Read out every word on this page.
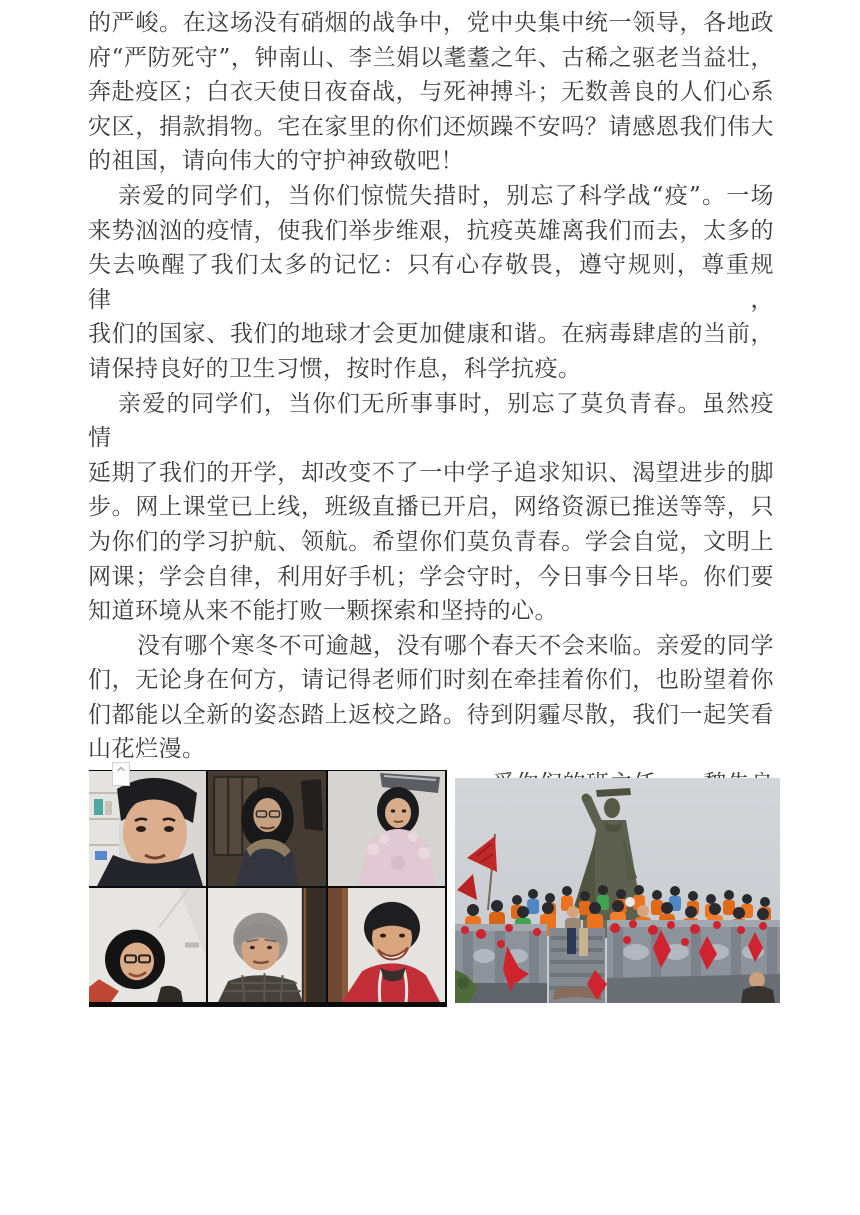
的严峻。在这场没有硝烟的战争中，党中央集中统一领导，各地政
府“严防死守”，钟南山、李兰娟以耄耋之年、古稀之驱老当益壮，
奔赴疫区；白衣天使日夜奋战，与死神搏斗；无数善良的人们心系
灾区，捐款捐物。宅在家里的你们还烦躁不安吗？请感恩我们伟大
的祖国，请向伟大的守护神致敬吧！
亲爱的同学们，当你们惊慌失措时，别忘了科学战“疫”。一场
来势汹汹的疫情，使我们举步维艰，抗疫英雄离我们而去，太多的
失去唤醒了我们太多的记忆：只有心存敬畏，遵守规则，尊重规律，
我们的国家、我们的地球才会更加健康和谐。在病毒肆虐的当前，
请保持良好的卫生习惯，按时作息，科学抗疫。
亲爱的同学们，当你们无所事事时，别忘了莫负青春。虽然疫情
延期了我们的开学，却改变不了一中学子追求知识、渴望进步的脚
步。网上课堂已上线，班级直播已开启，网络资源已推送等等，只
为你们的学习护航、领航。希望你们莫负青春。学会自觉，文明上
网课；学会自律，利用好手机；学会守时，今日事今日毕。你们要
知道环境从来不能打败一颗探索和坚持的心。
没有哪个寒冬不可逾越，没有哪个春天不会来临。亲爱的同学
们，无论身在何方，请记得老师们时刻在牵挂着你们，也盼望着你
们都能以全新的姿态踏上返校之路。待到阴霾尽散，我们一起笑看
山花烂漫。
^
